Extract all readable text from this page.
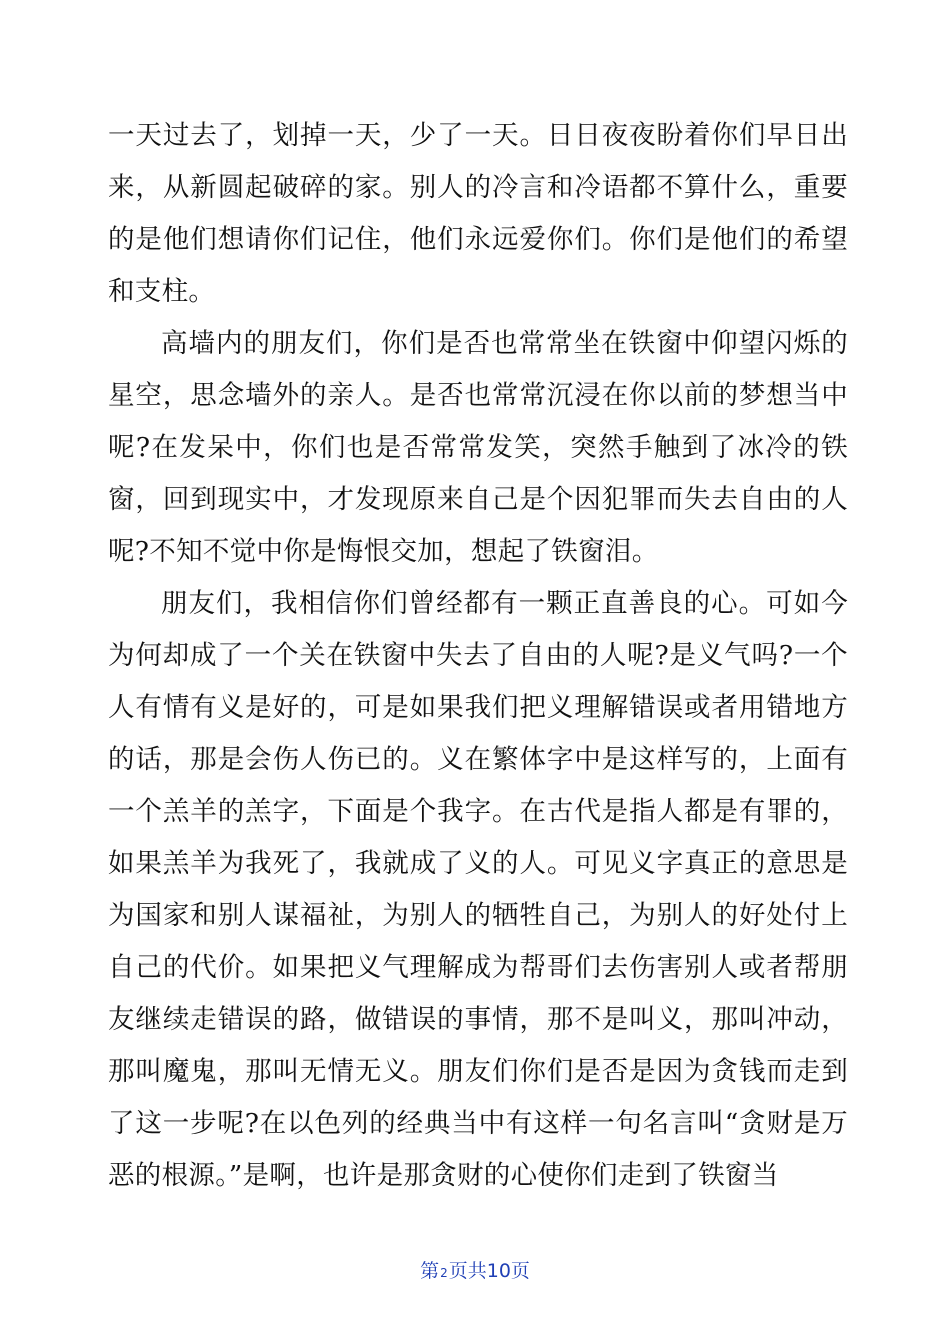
一天过去了，划掉一天，少了一天。日日夜夜盼着你们早日出来，从新圆起破碎的家。别人的冷言和冷语都不算什么，重要的是他们想请你们记住，他们永远爱你们。你们是他们的希望和支柱。

高墙内的朋友们，你们是否也常常坐在铁窗中仰望闪烁的星空，思念墙外的亲人。是否也常常沉浸在你以前的梦想当中呢?在发呆中，你们也是否常常发笑，突然手触到了冰冷的铁窗，回到现实中，才发现原来自己是个因犯罪而失去自由的人呢?不知不觉中你是悔恨交加，想起了铁窗泪。

朋友们，我相信你们曾经都有一颗正直善良的心。可如今为何却成了一个关在铁窗中失去了自由的人呢?是义气吗?一个人有情有义是好的，可是如果我们把义理解错误或者用错地方的话，那是会伤人伤已的。义在繁体字中是这样写的，上面有一个羔羊的羔字，下面是个我字。在古代是指人都是有罪的，如果羔羊为我死了，我就成了义的人。可见义字真正的意思是为国家和别人谋福祉，为别人的牺牲自己，为别人的好处付上自己的代价。如果把义气理解成为帮哥们去伤害别人或者帮朋友继续走错误的路，做错误的事情，那不是叫义，那叫冲动，那叫魔鬼，那叫无情无义。朋友们你们是否是因为贪钱而走到了这一步呢?在以色列的经典当中有这样一句名言叫“贪财是万恶的根源。”是啊，也许是那贪财的心使你们走到了铁窗当

第2页共10页
